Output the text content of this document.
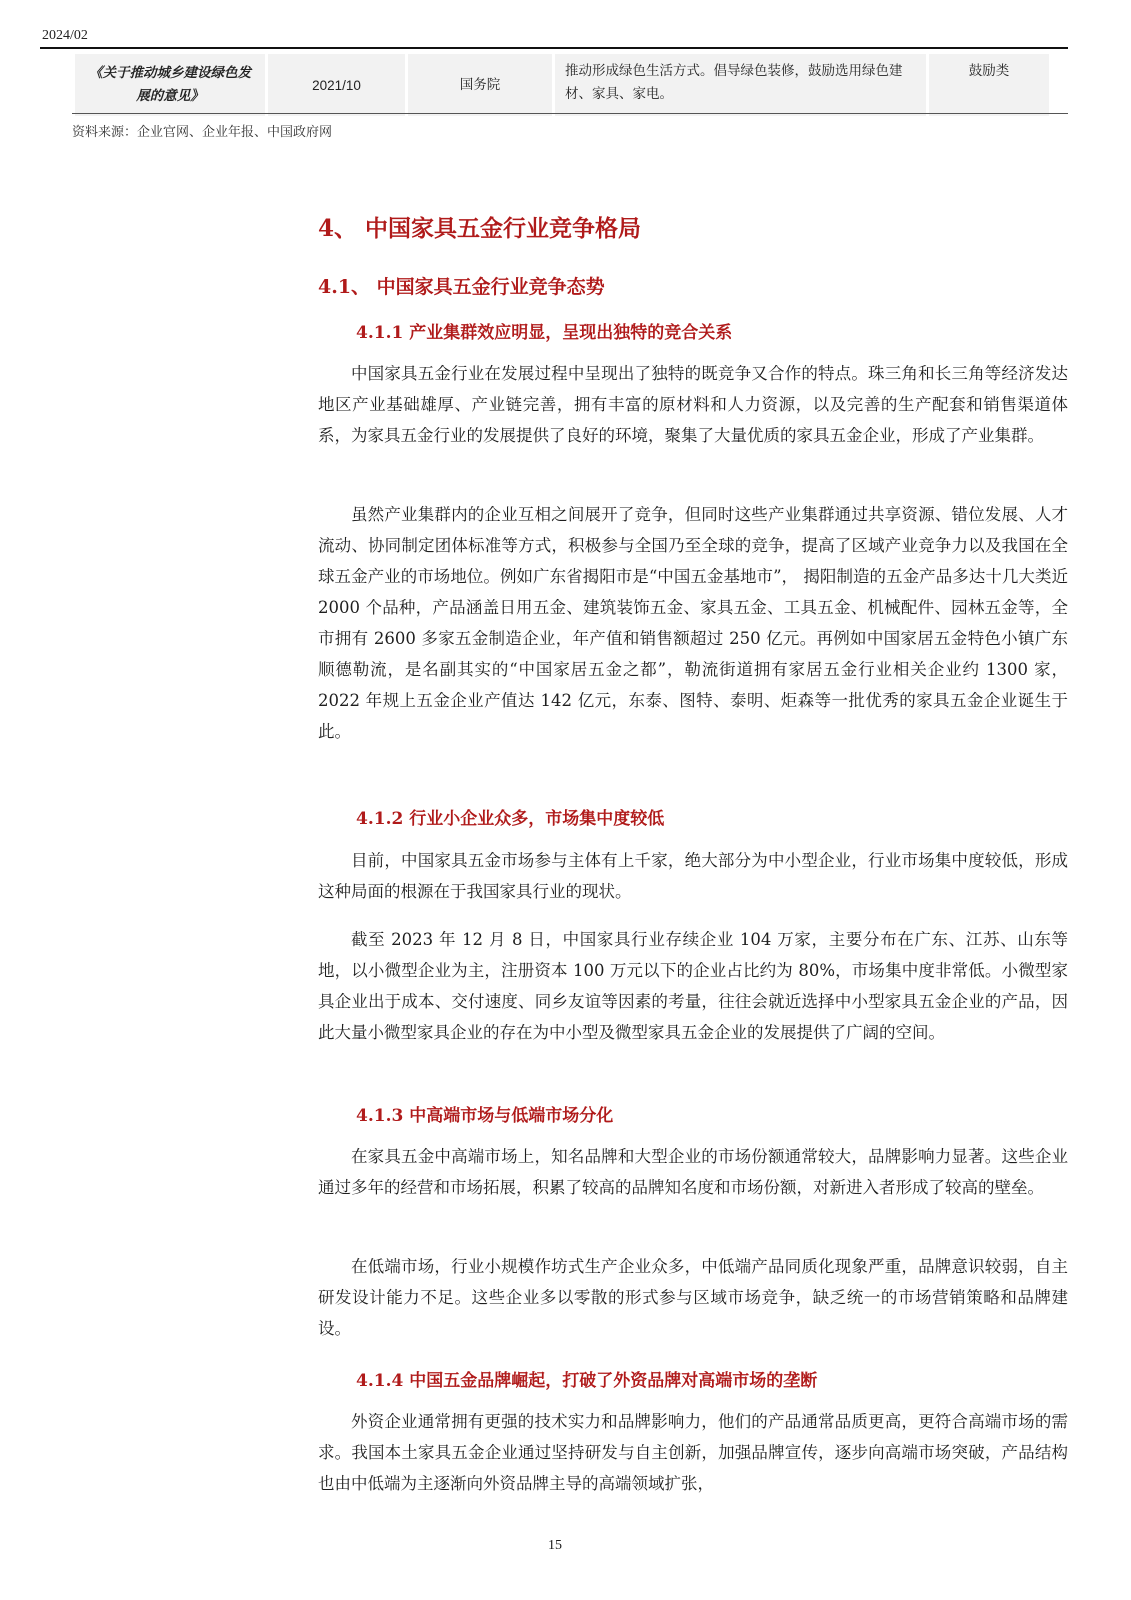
2024/02
《关于推动城乡建设绿色发展的意见》	2021/10	国务院	推动形成绿色生活方式。倡导绿色装修，鼓励选用绿色建材、家具、家电。	鼓励类
资料来源：企业官网、企业年报、中国政府网
4、 中国家具五金行业竞争格局
4.1、 中国家具五金行业竞争态势
4.1.1 产业集群效应明显，呈现出独特的竞合关系
中国家具五金行业在发展过程中呈现出了独特的既竞争又合作的特点。珠三角和长三角等经济发达地区产业基础雄厚、产业链完善，拥有丰富的原材料和人力资源，以及完善的生产配套和销售渠道体系，为家具五金行业的发展提供了良好的环境，聚集了大量优质的家具五金企业，形成了产业集群。
虽然产业集群内的企业互相之间展开了竞争，但同时这些产业集群通过共享资源、错位发展、人才流动、协同制定团体标准等方式，积极参与全国乃至全球的竞争，提高了区域产业竞争力以及我国在全球五金产业的市场地位。例如广东省揭阳市是“中国五金基地市”， 揭阳制造的五金产品多达十几大类近 2000 个品种，产品涵盖日用五金、建筑装饰五金、家具五金、工具五金、机械配件、园林五金等，全市拥有 2600 多家五金制造企业，年产值和销售额超过 250 亿元。再例如中国家居五金特色小镇广东顺德勒流，是名副其实的“中国家居五金之都”，勒流街道拥有家居五金行业相关企业约 1300 家，2022 年规上五金企业产值达 142 亿元，东泰、图特、泰明、炬森等一批优秀的家具五金企业诞生于此。
4.1.2 行业小企业众多，市场集中度较低
目前，中国家具五金市场参与主体有上千家，绝大部分为中小型企业，行业市场集中度较低，形成这种局面的根源在于我国家具行业的现状。
截至 2023 年 12 月 8 日，中国家具行业存续企业 104 万家，主要分布在广东、江苏、山东等地，以小微型企业为主，注册资本 100 万元以下的企业占比约为 80%，市场集中度非常低。小微型家具企业出于成本、交付速度、同乡友谊等因素的考量，往往会就近选择中小型家具五金企业的产品，因此大量小微型家具企业的存在为中小型及微型家具五金企业的发展提供了广阔的空间。
4.1.3 中高端市场与低端市场分化
在家具五金中高端市场上，知名品牌和大型企业的市场份额通常较大，品牌影响力显著。这些企业通过多年的经营和市场拓展，积累了较高的品牌知名度和市场份额，对新进入者形成了较高的壁垒。
在低端市场，行业小规模作坊式生产企业众多，中低端产品同质化现象严重，品牌意识较弱，自主研发设计能力不足。这些企业多以零散的形式参与区域市场竞争，缺乏统一的市场营销策略和品牌建设。
4.1.4 中国五金品牌崛起，打破了外资品牌对高端市场的垄断
外资企业通常拥有更强的技术实力和品牌影响力，他们的产品通常品质更高，更符合高端市场的需求。我国本土家具五金企业通过坚持研发与自主创新，加强品牌宣传，逐步向高端市场突破，产品结构也由中低端为主逐渐向外资品牌主导的高端领域扩张，
15
